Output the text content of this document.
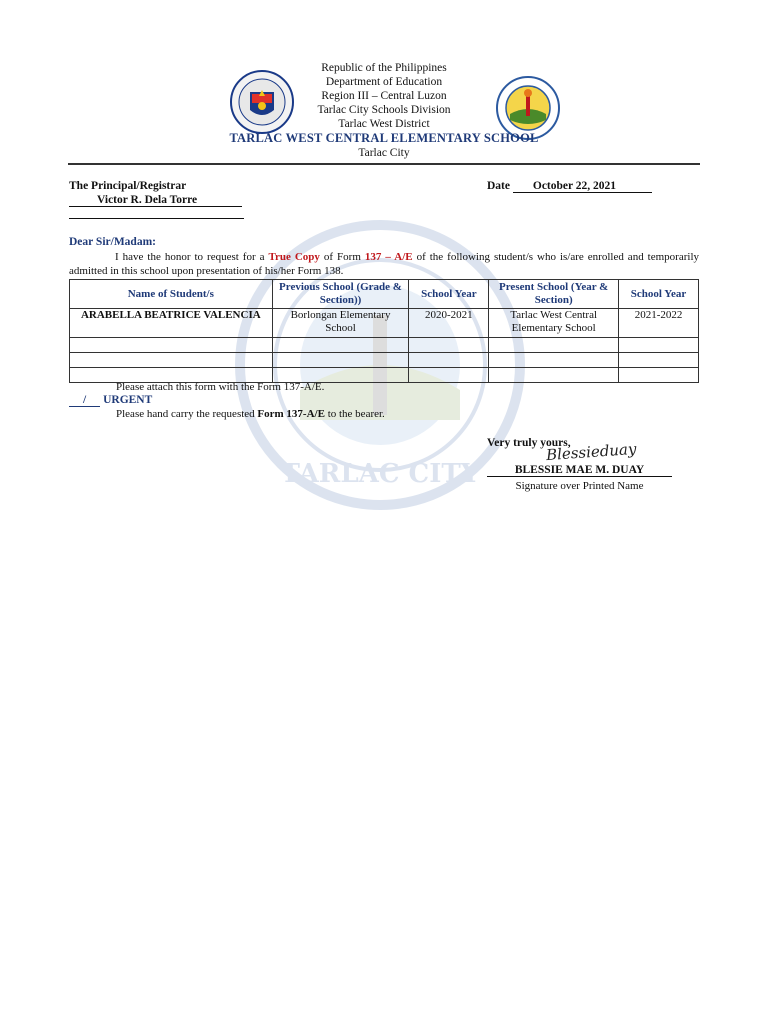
TARLAC CITY
Republic of the Philippines
Department of Education
Region III – Central Luzon
Tarlac City Schools Division
Tarlac West District
TARLAC WEST CENTRAL ELEMENTARY SCHOOL
Tarlac City
The Principal/Registrar
Victor R. Dela Torre
Date October 22, 2021
Dear Sir/Madam:
I have the honor to request for a True Copy of Form 137 – A/E of the following student/s who is/are enrolled and temporarily admitted in this school upon presentation of his/her Form 138.
Name of Student/s	Previous School (Grade & Section))	School Year	Present School (Year & Section)	School Year
ARABELLA BEATRICE VALENCIA	Borlongan Elementary School	2020-2021	Tarlac West Central Elementary School	2021-2022

Please attach this form with the Form 137-A/E.
/ URGENT
Please hand carry the requested Form 137-A/E to the bearer.
Very truly yours,
Blessieduay
BLESSIE MAE M. DUAY
Signature over Printed Name
